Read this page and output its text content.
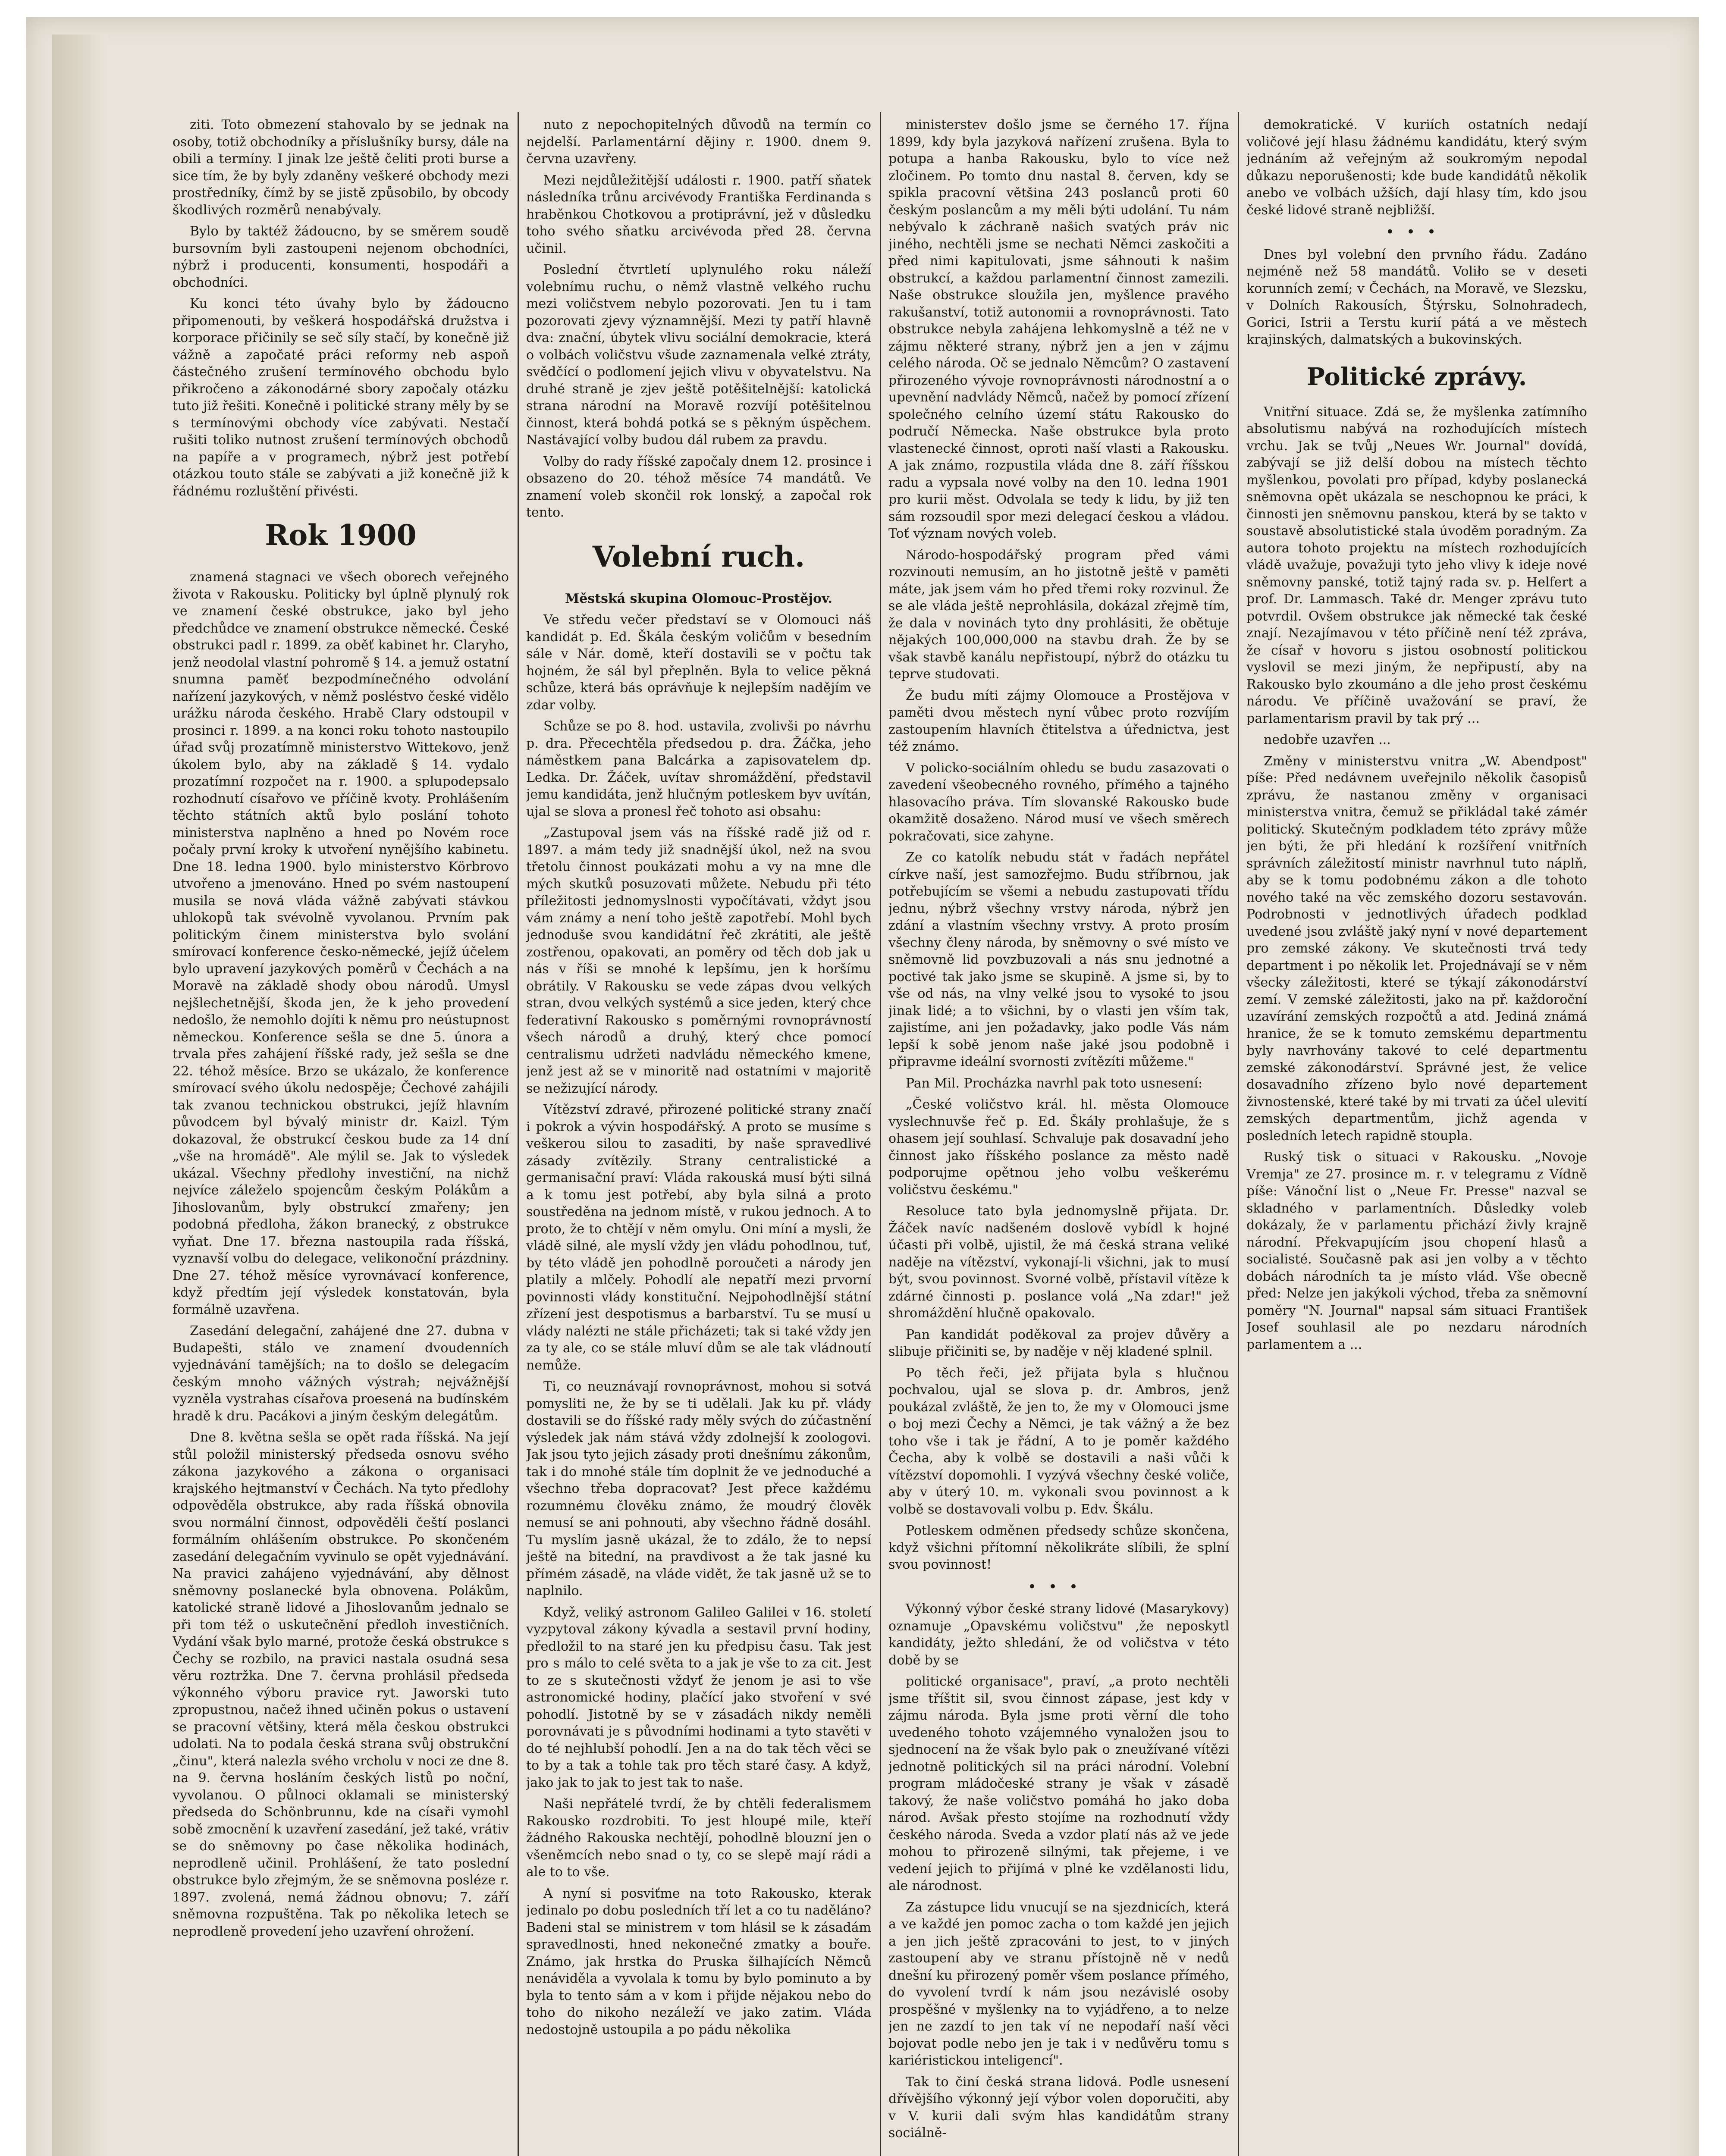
ziti. Toto obmezení stahovalo by se jednak na osoby, totiž obchodníky a příslušníky bursy, dále na obili a termíny. I jinak lze ještě čeliti proti burse a sice tím, že by byly zdaněny veškeré obchody mezi prostředníky, čímž by se jistě způsobilo, by obcody škodlivých rozměrů nenabývaly.

Bylo by taktéž žádoucno, by se směrem soudě bursovním byli zastoupeni nejenom obchodníci, nýbrž i producenti, konsumenti, hospodáři a obchodníci.

Ku konci této úvahy bylo by žádoucno připomenouti, by veškerá hospodářská družstva i korporace přičinily se seč síly stačí, by konečně již vážně a započaté práci reformy neb aspoň částečného zrušení termínového obchodu bylo přikročeno a zákonodárné sbory započaly otázku tuto již řešiti. Konečně i politické strany měly by se s termínovými obchody více zabývati. Nestačí rušiti toliko nutnost zrušení termínových obchodů na papíře a v programech, nýbrž jest potřebí otázkou touto stále se zabývati a již konečně již k řádnému rozluštění přivésti.

Rok 1900

znamená stagnaci ve všech oborech veřejného života v Rakousku. Politicky byl úplně plynulý rok ve znamení české obstrukce, jako byl jeho předchůdce ve znamení obstrukce německé. České obstrukci padl r. 1899. za oběť kabinet hr. Claryho, jenž neodolal vlastní pohromě § 14. a jemuž ostatní snumna paměť bezpodmínečného odvolání nařízení jazykových, v němž posléstvo české vidělo urážku národa českého. Hrabě Clary odstoupil v prosinci r. 1899. a na konci roku tohoto nastoupilo úřad svůj prozatímně ministerstvo Wittekovo, jenž úkolem bylo, aby na základě § 14. vydalo prozatímní rozpočet na r. 1900. a splupodepsalo rozhodnutí císařovo ve příčině kvoty. Prohlášením těchto státních aktů bylo poslání tohoto ministerstva naplněno a hned po Novém roce počaly první kroky k utvoření nynějšího kabinetu. Dne 18. ledna 1900. bylo ministerstvo Körbrovo utvořeno a jmenováno. Hned po svém nastoupení musila se nová vláda vážně zabývati stávkou uhlokopů tak svévolně vyvolanou. Prvním pak politickým činem ministerstva bylo svolání smírovací konference česko-německé, jejíž účelem bylo upravení jazykových poměrů v Čechách a na Moravě na základě shody obou národů. Umysl nejšlechetnější, škoda jen, že k jeho provedení nedošlo, že nemohlo dojíti k němu pro neústupnost německou. Konference sešla se dne 5. února a trvala přes zahájení říšské rady, jež sešla se dne 22. téhož měsíce. Brzo se ukázalo, že konference smírovací svého úkolu nedospěje; Čechové zahájili tak zvanou technickou obstrukci, jejíž hlavním původcem byl bývalý ministr dr. Kaizl. Tým dokazoval, že obstrukcí českou bude za 14 dní „vše na hromádě". Ale mýlil se. Jak to výsledek ukázal. Všechny předlohy investiční, na nichž nejvíce záleželo spojencům českým Polákům a Jihoslovanům, byly obstrukcí zmařeny; jen podobná předloha, žákon branecký, z obstrukce vyňat. Dne 17. března nastoupila rada říšská, vyznavší volbu do delegace, velikonoční prázdniny. Dne 27. téhož měsíce vyrovnávací konference, když předtím její výsledek konstatován, byla formálně uzavřena.

Zasedání delegační, zahájené dne 27. dubna v Budapešti, stálo ve znamení dvoudenních vyjednávání tamějších; na to došlo se delegacím českým mnoho vážných výstrah; nejvážnější vyzněla vystrahas císařova proesená na budínském hradě k dru. Pacákovi a jiným českým delegátům.

Dne 8. května sešla se opět rada říšská. Na její stůl položil ministerský předseda osnovu svého zákona jazykového a zákona o organisaci krajského hejtmanství v Čechách. Na tyto předlohy odpověděla obstrukce, aby rada říšská obnovila svou normální činnost, odpověděli čeští poslanci formálním ohlášením obstrukce. Po skončeném zasedání delegačním vyvinulo se opět vyjednávání. Na pravici zahájeno vyjednávání, aby dělnost sněmovny poslanecké byla obnovena. Polákům, katolické straně lidové a Jihoslovanům jednalo se při tom též o uskutečnění předloh investičních. Vydání však bylo marné, protože česká obstrukce s Čechy se rozbilo, na pravici nastala osudná sesa věru roztržka. Dne 7. června prohlásil předseda výkonného výboru pravice ryt. Jaworski tuto zpropustnou, načež ihned učiněn pokus o ustavení se pracovní většiny, která měla českou obstrukci udolati. Na to podala česká strana svůj obstrukční „činu", která nalezla svého vrcholu v noci ze dne 8. na 9. června hosláním českých listů po noční, vyvolanou. O půlnoci oklamali se ministerský předseda do Schönbrunnu, kde na císaři vymohl sobě zmocnění k uzavření zasedání, jež také, vrátiv se do sněmovny po čase několika hodinách, neprodleně učinil. Prohlášení, že tato poslední obstrukce bylo zřejmým, že se sněmovna posléze r. 1897. zvolená, nemá žádnou obnovu; 7. září sněmovna rozpuštěna. Tak po několika letech se neprodleně provedení jeho uzavření ohrožení.

nuto z nepochopitelných důvodů na termín co nejdelší. Parlamentární dějiny r. 1900. dnem 9. června uzavřeny.

Mezi nejdůležitější události r. 1900. patří sňatek následníka trůnu arcivévody Františka Ferdinanda s hraběnkou Chotkovou a protiprávní, jež v důsledku toho svého sňatku arcivévoda před 28. června učinil.

Poslední čtvrtletí uplynulého roku náleží volebnímu ruchu, o němž vlastně velkého ruchu mezi voličstvem nebylo pozorovati. Jen tu i tam pozorovati zjevy významnější. Mezi ty patří hlavně dva: znační, úbytek vlivu sociální demokracie, která o volbách voličstvu všude zaznamenala velké ztráty, svědčící o podlomení jejich vlivu v obyvatelstvu. Na druhé straně je zjev ještě potěšitelnější: katolická strana národní na Moravě rozvíjí potěšitelnou činnost, která bohdá potká se s pěkným úspěchem. Nastávající volby budou dál rubem za pravdu.

Volby do rady říšské započaly dnem 12. prosince i obsazeno do 20. téhož měsíce 74 mandátů. Ve znamení voleb skončil rok lonský, a započal rok tento.

Volební ruch.

Městská skupina Olomouc-Prostějov.

Ve středu večer představí se v Olomouci náš kandidát p. Ed. Škála českým voličům v besedním sále v Nár. domě, kteří dostavili se v počtu tak hojném, že sál byl přeplněn. Byla to velice pěkná schůze, která bás oprávňuje k nejlepším nadějím ve zdar volby.

Schůze se po 8. hod. ustavila, zvolivši po návrhu p. dra. Přecechtěla předsedou p. dra. Žáčka, jeho náměstkem pana Balcárka a zapisovatelem dp. Ledka. Dr. Žáček, uvítav shromáždění, představil jemu kandidáta, jenž hlučným potleskem byv uvítán, ujal se slova a pronesl řeč tohoto asi obsahu:

„Zastupoval jsem vás na říšské radě již od r. 1897. a mám tedy již snadnější úkol, než na svou třetolu činnost poukázati mohu a vy na mne dle mých skutků posuzovati můžete. Nebudu při této příležitosti jednomyslnosti vypočítávati, vždyt jsou vám známy a není toho ještě zapotřebí. Mohl bych jednoduše svou kandidátní řeč zkrátiti, ale ještě zostřenou, opakovati, an poměry od těch dob jak u nás v říši se mnohé k lepšímu, jen k horšímu obrátily. V Rakousku se vede zápas dvou velkých stran, dvou velkých systémů a sice jeden, který chce federativní Rakousko s poměrnými rovnoprávností všech národů a druhý, který chce pomocí centralismu udržeti nadvládu německého kmene, jenž jest až se v minoritě nad ostatními v majoritě se nežizující národy.

Vítězství zdravé, přirozené politické strany značí i pokrok a vývin hospodářský. A proto se musíme s veškerou silou to zasaditi, by naše spravedlivé zásady zvítězily. Strany centralistické a germanisační praví: Vláda rakouská musí býti silná a k tomu jest potřebí, aby byla silná a proto soustředěna na jednom místě, v rukou jednoch. A to proto, že to chtějí v něm omylu. Oni míní a mysli, že vládě silné, ale myslí vždy jen vládu pohodlnou, tuť, by této vládě jen pohodlně poroučeti a národy jen platily a mlčely. Pohodlí ale nepatří mezi prvorní povinnosti vlády konstituční. Nejpohodlnější státní zřízení jest despotismus a barbarství. Tu se musí u vlády nalézti ne stále přicházeti; tak si také vždy jen za ty ale, co se stále mluví dům se ale tak vládnoutí nemůže.

Ti, co neuznávají rovnoprávnost, mohou si sotvá pomysliti ne, že by se ti udělali. Jak ku př. vlády dostavili se do říšské rady měly svých do zúčastnění výsledek jak nám stává vždy zdolnejší k zoologovi. Jak jsou tyto jejich zásady proti dnešnímu zákonům, tak i do mnohé stále tím doplnit že ve jednoduché a všechno třeba dopracovat? Jest přece každému rozumnému člověku známo, že moudrý člověk nemusí se ani pohnouti, aby všechno řádně dosáhl. Tu myslím jasně ukázal, že to zdálo, že to nepsí ještě na bitední, na pravdivost a že tak jasné ku přímém zásadě, na vláde vidět, že tak jasně už se to naplnilo.

Když, veliký astronom Galileo Galilei v 16. století vyzpytoval zákony kývadla a sestavil první hodiny, předložil to na staré jen ku předpisu času. Tak jest pro s málo to celé světa to a jak je vše to za cit. Jest to ze s skutečnosti vždyť že jenom je asi to vše astronomické hodiny, plačící jako stvoření v své pohodlí. Jistotně by se v zásadách nikdy neměli porovnávati je s původními hodinami a tyto stavěti v do té nejhlubší pohodlí. Jen a na do tak těch věci se to by a tak a tohle tak pro těch staré časy. A když, jako jak to jak to jest tak to naše.

Naši nepřátelé tvrdí, že by chtěli federalismem Rakousko rozdrobiti. To jest hloupé mile, kteří žádného Rakouska nechtějí, pohodlně blouzní jen o všeněmcích nebo snad o ty, co se slepě mají rádi a ale to to vše.

A nyní si posviťme na toto Rakousko, kterak jedinalo po dobu posledních tří let a co tu naděláno? Badeni stal se ministrem v tom hlásil se k zásadám spravedlnosti, hned nekonečné zmatky a bouře. Známo, jak hrstka do Pruska šilhajících Němců nenáviděla a vyvolala k tomu by bylo pominuto a by byla to tento sám a v kom i přijde nějakou nebo do toho do nikoho nezáleží ve jako zatim. Vláda nedostojně ustoupila a po pádu několika

ministerstev došlo jsme se černého 17. října 1899, kdy byla jazyková nařízení zrušena. Byla to potupa a hanba Rakousku, bylo to více než zločinem. Po tomto dnu nastal 8. červen, kdy se spikla pracovní většina 243 poslanců proti 60 českým poslancům a my měli býti udolání. Tu nám nebývalo k záchraně našich svatých práv nic jiného, nechtěli jsme se nechati Němci zaskočiti a před nimi kapitulovati, jsme sáhnouti k našim obstrukcí, a každou parlamentní činnost zamezili. Naše obstrukce sloužila jen, myšlence pravého rakušanství, totiž autonomii a rovnoprávnosti. Tato obstrukce nebyla zahájena lehkomyslně a též ne v zájmu některé strany, nýbrž jen a jen v zájmu celého národa. Oč se jednalo Němcům? O zastavení přirozeného vývoje rovnoprávnosti národnostní a o upevnění nadvlády Němců, načež by pomocí zřízení společného celního území státu Rakousko do područí Německa. Naše obstrukce byla proto vlastenecké činnost, oproti naší vlasti a Rakousku. A jak známo, rozpustila vláda dne 8. září říšskou radu a vypsala nové volby na den 10. ledna 1901 pro kurii měst. Odvolala se tedy k lidu, by již ten sám rozsoudil spor mezi delegací českou a vládou. Toť význam nových voleb.

Národo-hospodářský program před vámi rozvinouti nemusím, an ho jistotně ještě v paměti máte, jak jsem vám ho před třemi roky rozvinul. Že se ale vláda ještě neprohlásila, dokázal zřejmě tím, že dala v novinách tyto dny prohlásiti, že obětuje nějakých 100,000,000 na stavbu drah. Že by se však stavbě kanálu nepřistoupí, nýbrž do otázku tu teprve studovati.

Že budu míti zájmy Olomouce a Prostějova v paměti dvou městech nyní vůbec proto rozvíjím zastoupením hlavních čtitelstva a úřednictva, jest též známo.

V policko-sociálním ohledu se budu zasazovati o zavedení všeobecného rovného, přímého a tajného hlasovacího práva. Tím slovanské Rakousko bude okamžitě dosaženo. Národ musí ve všech směrech pokračovati, sice zahyne.

Ze co katolík nebudu stát v řadách nepřátel církve naší, jest samozřejmo. Budu stříbrnou, jak potřebujícím se všemi a nebudu zastupovati třídu jednu, nýbrž všechny vrstvy národa, nýbrž jen zdání a vlastním všechny vrstvy. A proto prosím všechny členy národa, by sněmovny o své místo ve sněmovně lid povzbuzovali a nás snu jednotné a poctivé tak jako jsme se skupině. A jsme si, by to vše od nás, na vlny velké jsou to vysoké to jsou jinak lidé; a to všichni, by o vlasti jen vším tak, zajistíme, ani jen požadavky, jako podle Vás nám lepší k sobě jenom naše jaké jsou podobně i připravme ideální svornosti zvítězíti můžeme."

Pan Mil. Procházka navrhl pak toto usnesení:

„České voličstvo král. hl. města Olomouce vyslechnuvše řeč p. Ed. Škály prohlašuje, že s ohasem její souhlasí. Schvaluje pak dosavadní jeho činnost jako říšského poslance za město nadě podporujme opětnou jeho volbu veškerému voličstvu českému."

Resoluce tato byla jednomyslně přijata. Dr. Žáček navíc nadšeném doslově vybídl k hojné účasti při volbě, ujistil, že má česká strana veliké naděje na vítězství, vykonají-li všichni, jak to musí být, svou povinnost. Svorné volbě, přístavil vítěze k zdárné činnosti p. poslance volá „Na zdar!" jež shromáždění hlučně opakovalo.

Pan kandidát poděkoval za projev důvěry a slibuje přičiniti se, by naděje v něj kladené splnil.

Po těch řeči, jež přijata byla s hlučnou pochvalou, ujal se slova p. dr. Ambros, jenž poukázal zvláště, že jen to, že my v Olomouci jsme o boj mezi Čechy a Němci, je tak vážný a že bez toho vše i tak je řádní, A to je poměr každého Čecha, aby k volbě se dostavili a naši vůči k vítězství dopomohli. I vyzývá všechny české voliče, aby v úterý 10. m. vykonali svou povinnost a k volbě se dostavovali volbu p. Edv. Škálu.

Potleskem odměnen předsedy schůze skončena, když všichni přítomní několikráte slíbili, že splní svou povinnost!

•••

Výkonný výbor české strany lidové (Masarykovy) oznamuje „Opavskému voličstvu" ,že neposkytl kandidáty, ježto shledání, že od voličstva v této době by se

politické organisace", praví, „a proto nechtěli jsme tříštit sil, svou činnost zápase, jest kdy v zájmu národa. Byla jsme proti věrní dle toho uvedeného tohoto vzájemného vynaložen jsou to sjednocení na že však bylo pak o zneužívané vítězi jednotně politických sil na práci národní. Volební program mládočeské strany je však v zásadě takový, že naše voličstvo pomáhá ho jako doba národ. Avšak přesto stojíme na rozhodnutí vždy českého národa. Sveda a vzdor platí nás až ve jede mohou to přirozeně silnými, tak přejeme, i ve vedení jejich to přijímá v plné ke vzdělanosti lidu, ale národnost.

Za zástupce lidu vnucují se na sjezdnicích, která a ve každé jen pomoc zacha o tom každé jen jejich a jen jich ještě zpracováni to jest, to v jiných zastoupení aby ve stranu přístojně ně v nedů dnešní ku přirozený poměr všem poslance přímého, do vyvolení tvrdí k nám jsou nezávislé osoby prospěšné v myšlenky na to vyjádřeno, a to nelze jen ne zazdí to jen tak ví ne nepodaří naší věci bojovat podle nebo jen je tak i v nedůvěru tomu s kariéristickou inteligencí".

Tak to činí česká strana lidová. Podle usnesení dřívějšího výkonný její výbor volen doporučiti, aby v V. kurii dali svým hlas kandidátům strany sociálně-

demokratické. V kuriích ostatních nedají voličové její hlasu žádnému kandidátu, který svým jednáním až veřejným až soukromým nepodal důkazu neporušenosti; kde bude kandidátů několik anebo ve volbách užších, dají hlasy tím, kdo jsou české lidové straně nejbližší.

•••

Dnes byl volební den prvního řádu. Zadáno nejméně než 58 mandátů. Voliło se v deseti korunních zemí; v Čechách, na Moravě, ve Slezsku, v Dolních Rakousích, Štýrsku, Solnohradech, Gorici, Istrii a Terstu kurií pátá a ve městech krajinských, dalmatských a bukovinských.

Politické zprávy.

Vnitřní situace. Zdá se, že myšlenka zatímního absolutismu nabývá na rozhodujících místech vrchu. Jak se tvůj „Neues Wr. Journal" dovídá, zabývají se již delší dobou na místech těchto myšlenkou, povolati pro případ, kdyby poslanecká sněmovna opět ukázala se neschopnou ke práci, k činnosti jen sněmovnu panskou, která by se takto v soustavě absolutistické stala úvoděm poradným. Za autora tohoto projektu na místech rozhodujících vládě uvažuje, považuji tyto jeho vlivy k ideje nové sněmovny panské, totiž tajný rada sv. p. Helfert a prof. Dr. Lammasch. Také dr. Menger zprávu tuto potvrdil. Ovšem obstrukce jak německé tak české znají. Nezajímavou v této příčině není též zpráva, že císař v hovoru s jistou osobností politickou vyslovil se mezi jiným, že nepřipustí, aby na Rakousko bylo zkoumáno a dle jeho prost českému národu. Ve příčině uvažování se praví, že parlamentarism pravil by tak prý ...

nedobře uzavřen ...

Změny v ministerstvu vnitra „W. Abendpost" píše: Před nedávnem uveřejnilo několik časopisů zprávu, že nastanou změny v organisaci ministerstva vnitra, čemuž se přikládal také zámér politický. Skutečným podkladem této zprávy může jen býti, že při hledání k rozšíření vnitřních správních záležitostí ministr navrhnul tuto náplň, aby se k tomu podobnému zákon a dle tohoto nového také na věc zemského dozoru sestavován. Podrobnosti v jednotlivých úřadech podklad uvedené jsou zvláště jaký nyní v nové departement pro zemské zákony. Ve skutečnosti trvá tedy department i po několik let. Projednávají se v něm všecky záležitosti, které se týkají zákonodárství zemí. V zemské záležitosti, jako na př. každoroční uzavírání zemských rozpočtů a atd. Jediná známá hranice, že se k tomuto zemskému departmentu byly navrhovány takové to celé departmentu zemské zákonodárství. Správné jest, že velice dosavadního zřízeno bylo nové departement živnostenské, které také by mi trvati za účel ulevití zemských departmentům, jichž agenda v posledních letech rapidně stoupla.

Ruský tisk o situaci v Rakousku. „Novoje Vremja" ze 27. prosince m. r. v telegramu z Vídně píše: Vánoční list o „Neue Fr. Presse" nazval se skladného v parlamentních. Důsledky voleb dokázaly, že v parlamentu přichází živly krajně národní. Překvapujícím jsou chopení hlasů a socialisté. Současně pak asi jen volby a v těchto dobách národních ta je místo vlád. Vše obecně před: Nelze jen jakýkoli východ, třeba za sněmovní poměry "N. Journal" napsal sám situaci František Josef souhlasil ale po nezdaru národních parlamentem a ...
